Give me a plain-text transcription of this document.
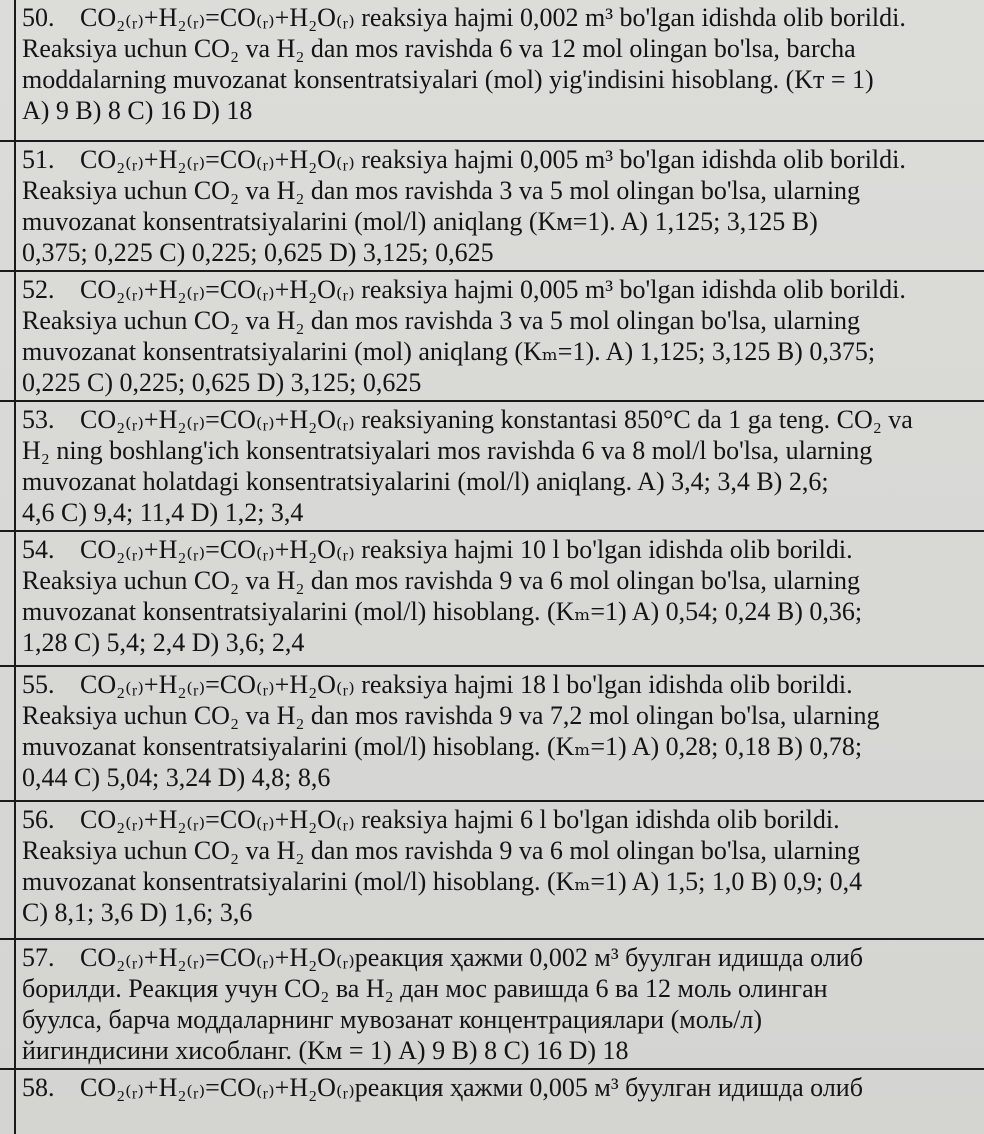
50. CO₂₍ᵣ₎+H₂₍ᵣ₎=CO₍ᵣ₎+H₂O₍ᵣ₎ reaksiya hajmi 0,002 m³ bo'lgan idishda olib borildi.

Reaksiya uchun CO₂ va H₂ dan mos ravishda 6 va 12 mol olingan bo'lsa, barcha

moddalarning muvozanat konsentratsiyalari (mol) yig'indisini hisoblang. (Kт = 1)

A) 9 B) 8 C) 16 D) 18

51. CO₂₍ᵣ₎+H₂₍ᵣ₎=CO₍ᵣ₎+H₂O₍ᵣ₎ reaksiya hajmi 0,005 m³ bo'lgan idishda olib borildi.

Reaksiya uchun CO₂ va H₂ dan mos ravishda 3 va 5 mol olingan bo'lsa, ularning

muvozanat konsentratsiyalarini (mol/l) aniqlang (Kм=1). A) 1,125; 3,125 B)

0,375; 0,225 C) 0,225; 0,625 D) 3,125; 0,625

52. CO₂₍ᵣ₎+H₂₍ᵣ₎=CO₍ᵣ₎+H₂O₍ᵣ₎ reaksiya hajmi 0,005 m³ bo'lgan idishda olib borildi.

Reaksiya uchun CO₂ va H₂ dan mos ravishda 3 va 5 mol olingan bo'lsa, ularning

muvozanat konsentratsiyalarini (mol) aniqlang (Kₘ=1). A) 1,125; 3,125 B) 0,375;

0,225 C) 0,225; 0,625 D) 3,125; 0,625

53. CO₂₍ᵣ₎+H₂₍ᵣ₎=CO₍ᵣ₎+H₂O₍ᵣ₎ reaksiyaning konstantasi 850°C da 1 ga teng. CO₂ va

H₂ ning boshlang'ich konsentratsiyalari mos ravishda 6 va 8 mol/l bo'lsa, ularning

muvozanat holatdagi konsentratsiyalarini (mol/l) aniqlang. A) 3,4; 3,4 B) 2,6;

4,6 C) 9,4; 11,4 D) 1,2; 3,4

54. CO₂₍ᵣ₎+H₂₍ᵣ₎=CO₍ᵣ₎+H₂O₍ᵣ₎ reaksiya hajmi 10 l bo'lgan idishda olib borildi.

Reaksiya uchun CO₂ va H₂ dan mos ravishda 9 va 6 mol olingan bo'lsa, ularning

muvozanat konsentratsiyalarini (mol/l) hisoblang. (Kₘ=1) A) 0,54; 0,24 B) 0,36;

1,28 C) 5,4; 2,4 D) 3,6; 2,4

55. CO₂₍ᵣ₎+H₂₍ᵣ₎=CO₍ᵣ₎+H₂O₍ᵣ₎ reaksiya hajmi 18 l bo'lgan idishda olib borildi.

Reaksiya uchun CO₂ va H₂ dan mos ravishda 9 va 7,2 mol olingan bo'lsa, ularning

muvozanat konsentratsiyalarini (mol/l) hisoblang. (Kₘ=1) A) 0,28; 0,18 B) 0,78;

0,44 C) 5,04; 3,24 D) 4,8; 8,6

56. CO₂₍ᵣ₎+H₂₍ᵣ₎=CO₍ᵣ₎+H₂O₍ᵣ₎ reaksiya hajmi 6 l bo'lgan idishda olib borildi.

Reaksiya uchun CO₂ va H₂ dan mos ravishda 9 va 6 mol olingan bo'lsa, ularning

muvozanat konsentratsiyalarini (mol/l) hisoblang. (Kₘ=1) A) 1,5; 1,0 B) 0,9; 0,4

C) 8,1; 3,6 D) 1,6; 3,6

57. CO₂₍ᵣ₎+H₂₍ᵣ₎=CO₍ᵣ₎+H₂O₍ᵣ₎реакция ҳажми 0,002 м³ буулган идишда олиб

борилди. Реакция учун CO₂ ва H₂ дан мос равишда 6 ва 12 моль олинган

буулса, барча моддаларнинг мувозанат концентрациялари (моль/л)

йигиндисини хисобланг. (Kм = 1) A) 9 B) 8 C) 16 D) 18

58. CO₂₍ᵣ₎+H₂₍ᵣ₎=CO₍ᵣ₎+H₂O₍ᵣ₎реакция ҳажми 0,005 м³ буулган идишда олиб
